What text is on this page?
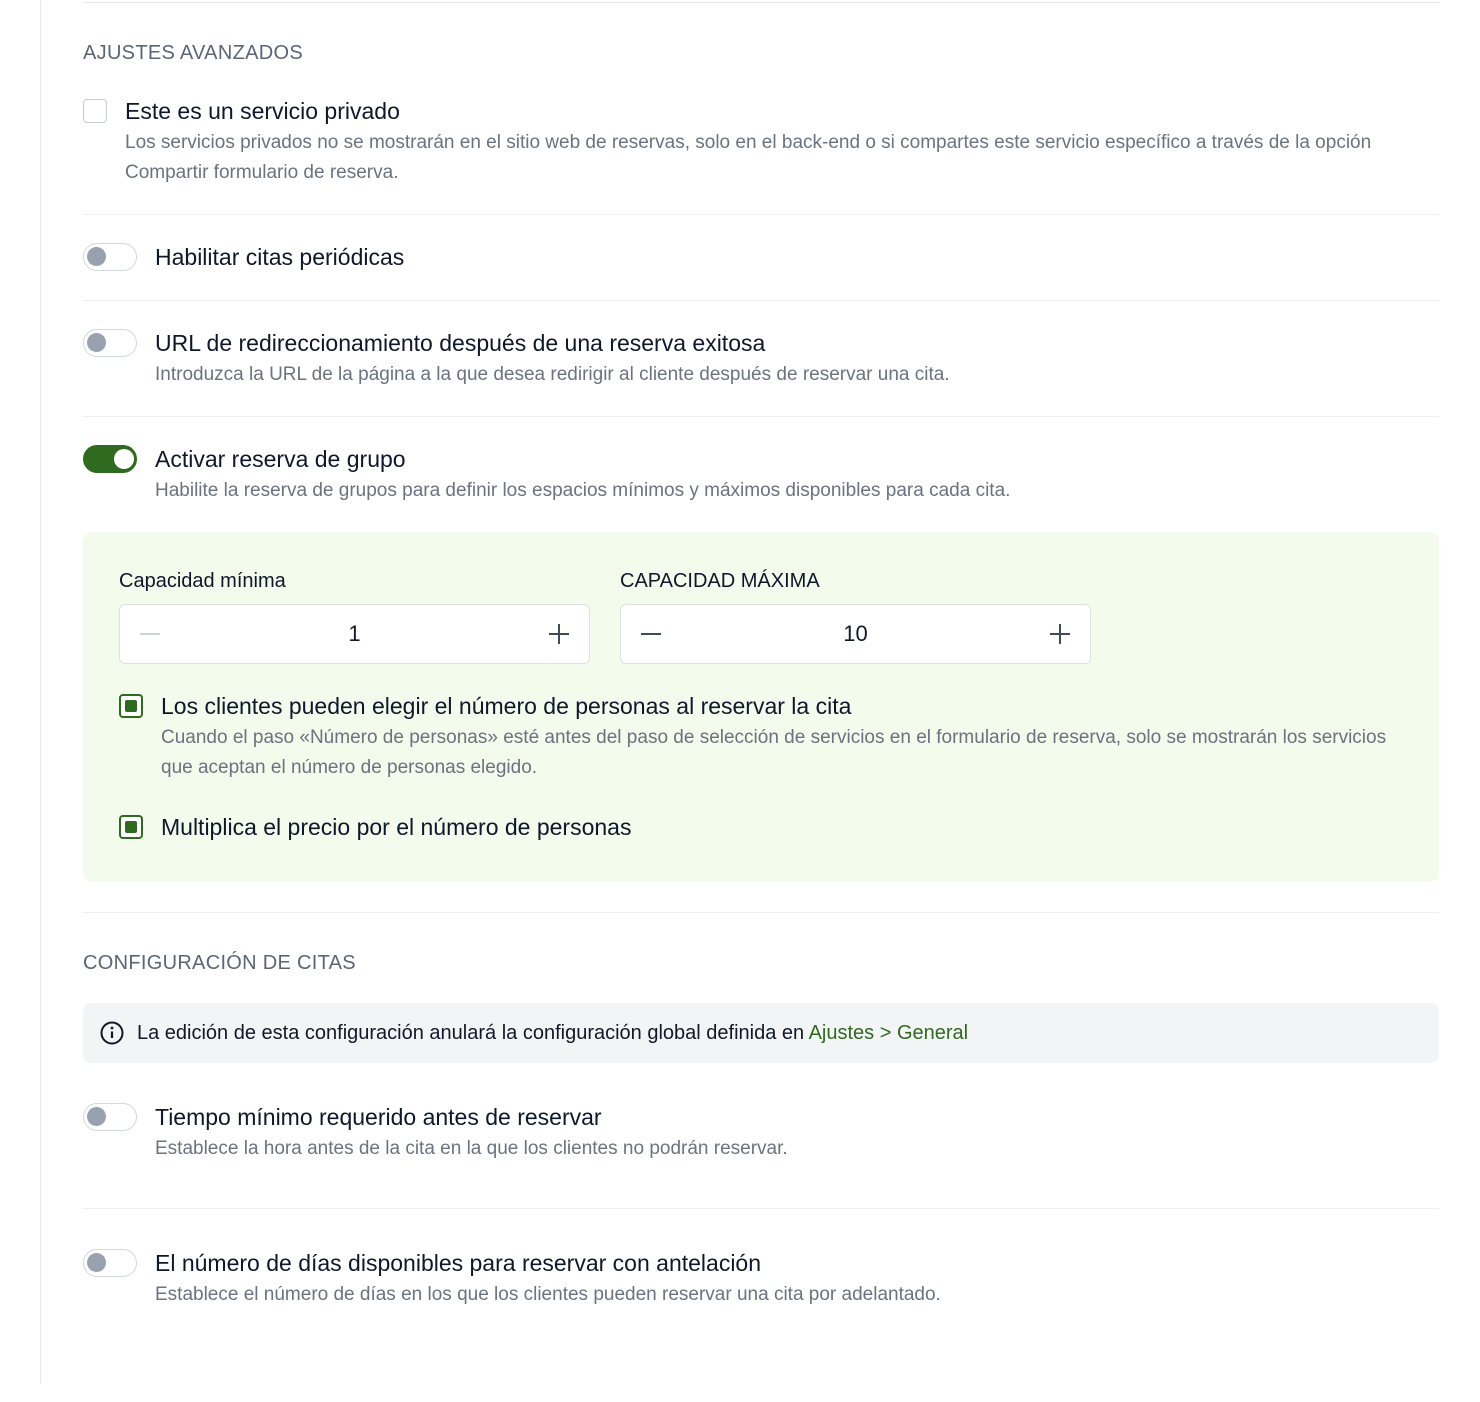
AJUSTES AVANZADOS
Este es un servicio privado
Los servicios privados no se mostrarán en el sitio web de reservas, solo en el back-end o si compartes este servicio específico a través de la opción Compartir formulario de reserva.
Habilitar citas periódicas
URL de redireccionamiento después de una reserva exitosa
Introduzca la URL de la página a la que desea redirigir al cliente después de reservar una cita.
Activar reserva de grupo
Habilite la reserva de grupos para definir los espacios mínimos y máximos disponibles para cada cita.
Capacidad mínima
1
CAPACIDAD MÁXIMA
10
Los clientes pueden elegir el número de personas al reservar la cita
Cuando el paso «Número de personas» esté antes del paso de selección de servicios en el formulario de reserva, solo se mostrarán los servicios que aceptan el número de personas elegido.
Multiplica el precio por el número de personas
CONFIGURACIÓN DE CITAS
La edición de esta configuración anulará la configuración global definida en Ajustes > General
Tiempo mínimo requerido antes de reservar
Establece la hora antes de la cita en la que los clientes no podrán reservar.
El número de días disponibles para reservar con antelación
Establece el número de días en los que los clientes pueden reservar una cita por adelantado.
